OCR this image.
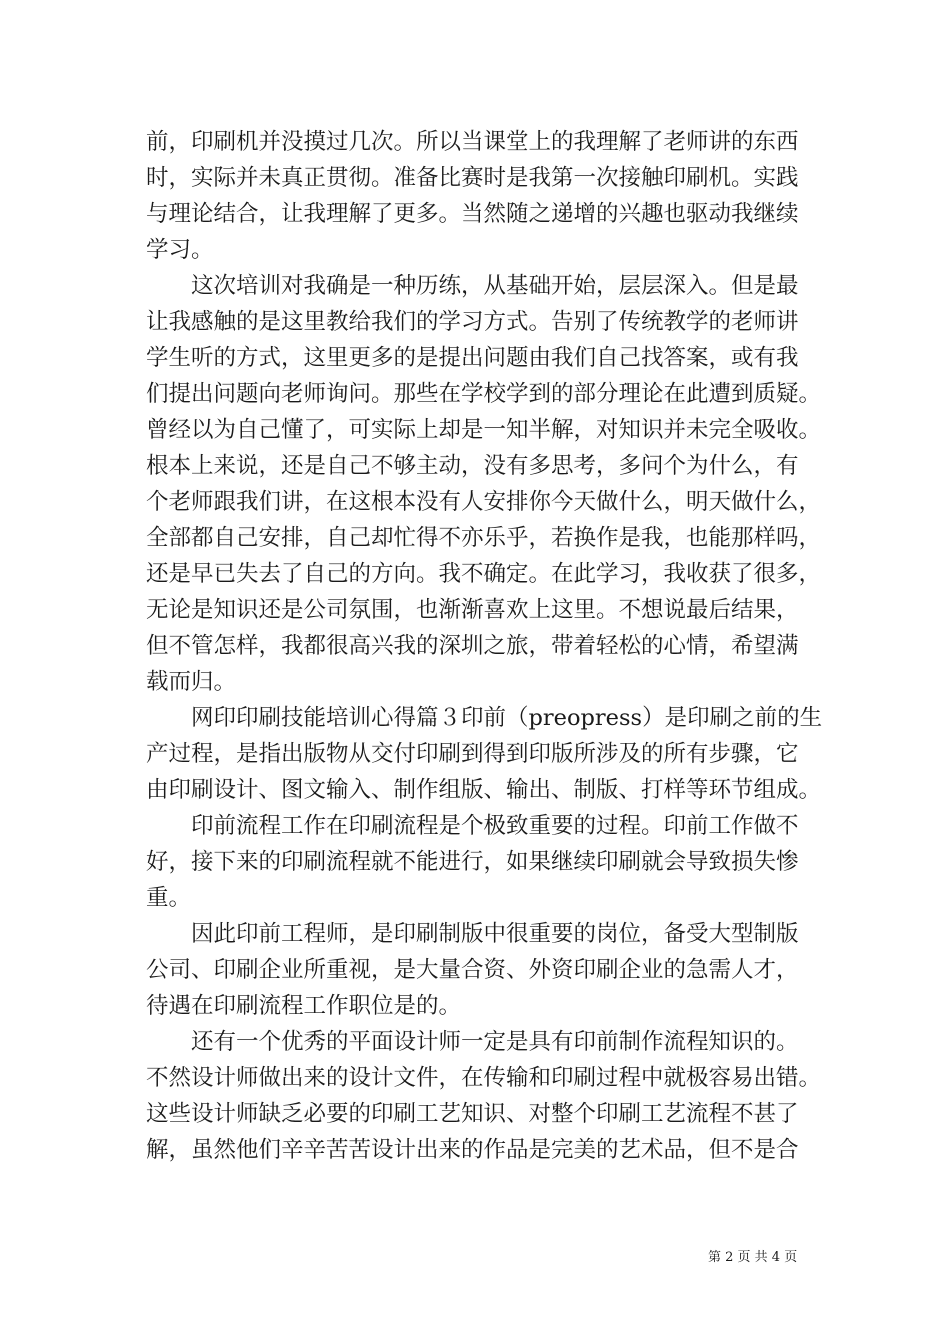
前，印刷机并没摸过几次。所以当课堂上的我理解了老师讲的东西
时，实际并未真正贯彻。准备比赛时是我第一次接触印刷机。实践
与理论结合，让我理解了更多。当然随之递增的兴趣也驱动我继续
学习。
　　这次培训对我确是一种历练，从基础开始，层层深入。但是最
让我感触的是这里教给我们的学习方式。告别了传统教学的老师讲
学生听的方式，这里更多的是提出问题由我们自己找答案，或有我
们提出问题向老师询问。那些在学校学到的部分理论在此遭到质疑。
曾经以为自己懂了，可实际上却是一知半解，对知识并未完全吸收。
根本上来说，还是自己不够主动，没有多思考，多问个为什么，有
个老师跟我们讲，在这根本没有人安排你今天做什么，明天做什么，
全部都自己安排，自己却忙得不亦乐乎，若换作是我，也能那样吗，
还是早已失去了自己的方向。我不确定。在此学习，我收获了很多，
无论是知识还是公司氛围，也渐渐喜欢上这里。不想说最后结果，
但不管怎样，我都很高兴我的深圳之旅，带着轻松的心情，希望满
载而归。
　　网印印刷技能培训心得篇３印前（preopress）是印刷之前的生
产过程，是指出版物从交付印刷到得到印版所涉及的所有步骤，它
由印刷设计、图文输入、制作组版、输出、制版、打样等环节组成。
　　印前流程工作在印刷流程是个极致重要的过程。印前工作做不
好，接下来的印刷流程就不能进行，如果继续印刷就会导致损失惨
重。
　　因此印前工程师，是印刷制版中很重要的岗位，备受大型制版
公司、印刷企业所重视，是大量合资、外资印刷企业的急需人才，
待遇在印刷流程工作职位是的。
　　还有一个优秀的平面设计师一定是具有印前制作流程知识的。
不然设计师做出来的设计文件，在传输和印刷过程中就极容易出错。
这些设计师缺乏必要的印刷工艺知识、对整个印刷工艺流程不甚了
解，虽然他们辛辛苦苦设计出来的作品是完美的艺术品，但不是合
第 2 页 共 4 页
